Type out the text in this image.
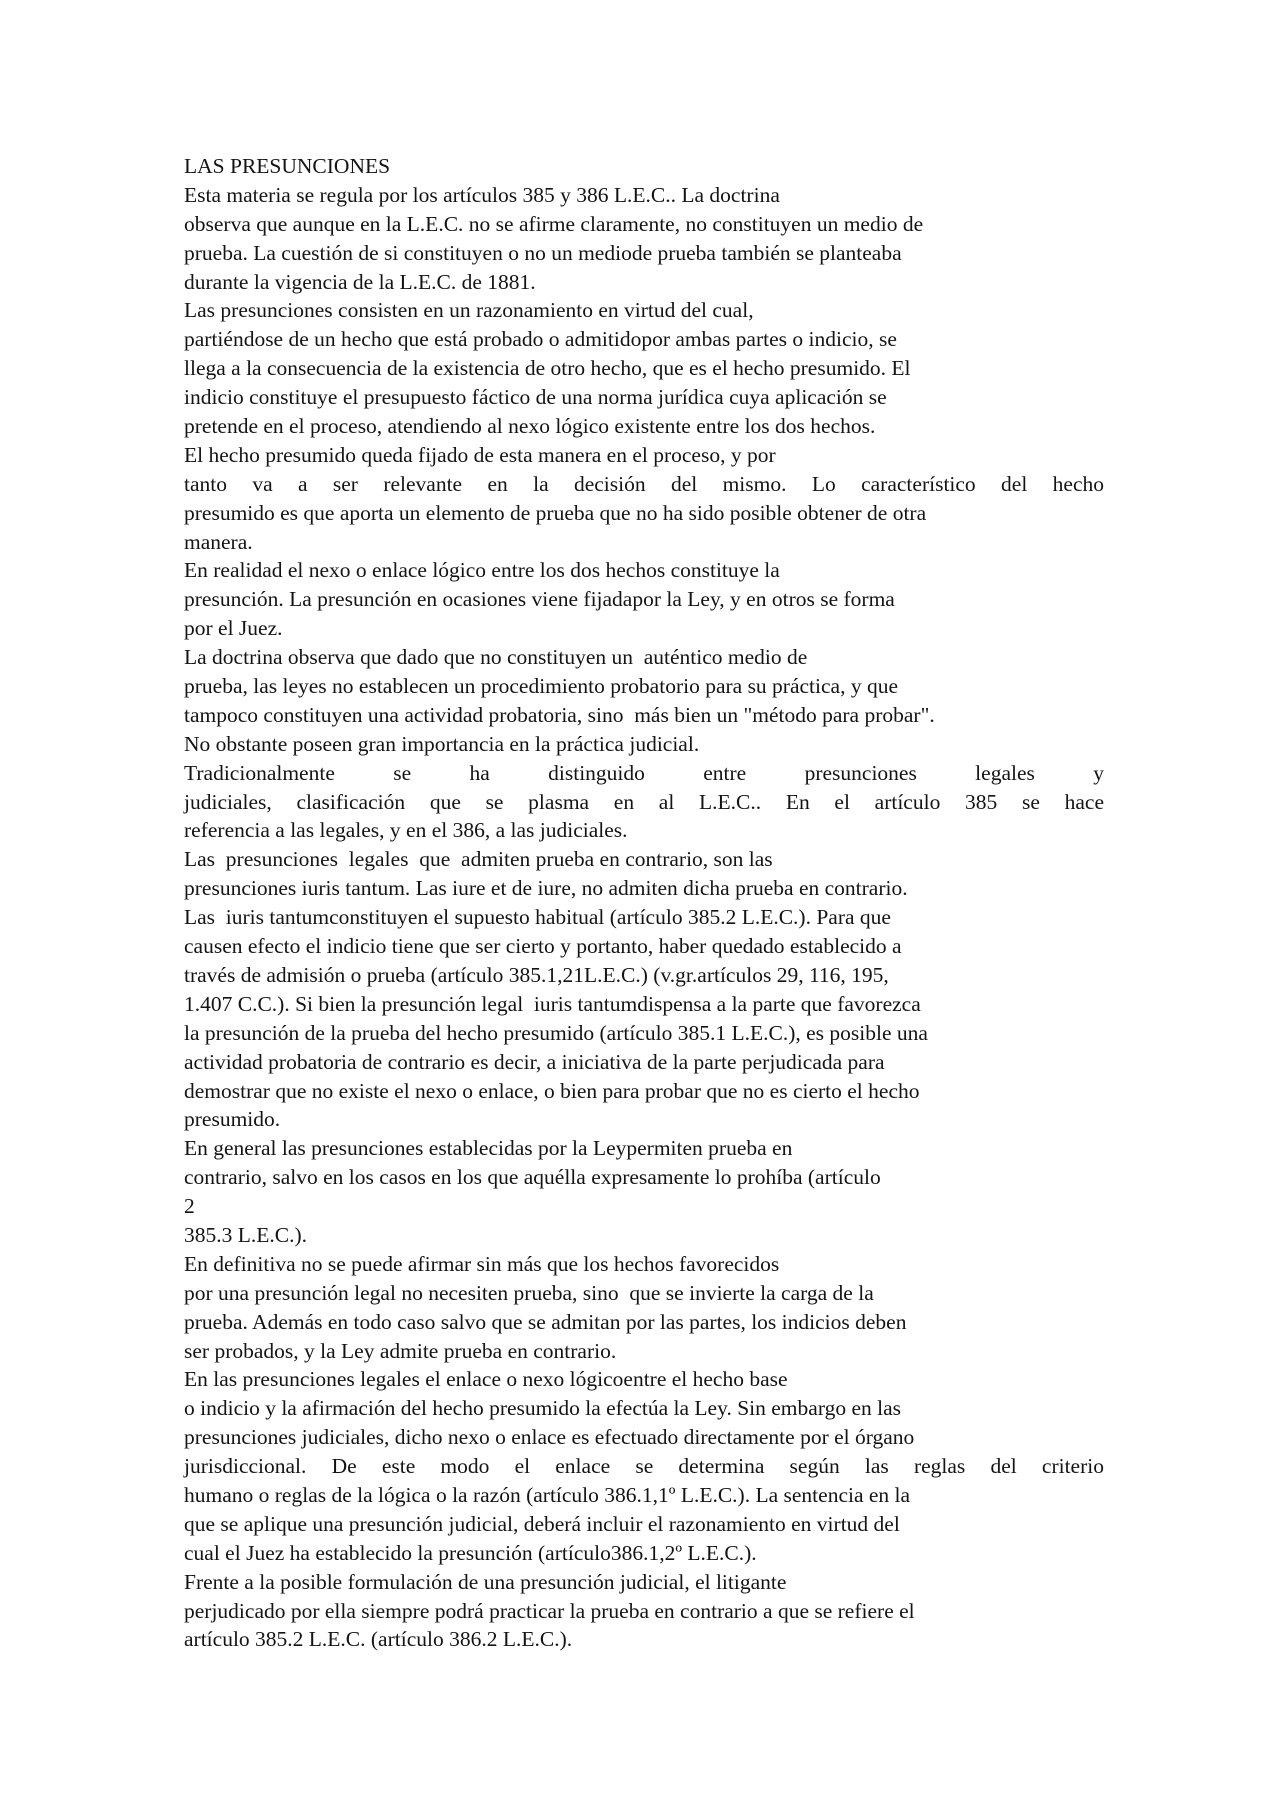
LAS PRESUNCIONES
Esta materia se regula por los artículos 385 y 386 L.E.C.. La doctrina
observa que aunque en la L.E.C. no se afirme claramente, no constituyen un medio de
prueba. La cuestión de si constituyen o no un mediode prueba también se planteaba
durante la vigencia de la L.E.C. de 1881.
Las presunciones consisten en un razonamiento en virtud del cual,
partiéndose de un hecho que está probado o admitidopor ambas partes o indicio, se
llega a la consecuencia de la existencia de otro hecho, que es el hecho presumido. El
indicio constituye el presupuesto fáctico de una norma jurídica cuya aplicación se
pretende en el proceso, atendiendo al nexo lógico existente entre los dos hechos.
El hecho presumido queda fijado de esta manera en el proceso, y por
tanto va a ser relevante en la decisión del mismo. Lo característico del hecho
presumido es que aporta un elemento de prueba que no ha sido posible obtener de otra
manera.
En realidad el nexo o enlace lógico entre los dos hechos constituye la
presunción. La presunción en ocasiones viene fijadapor la Ley, y en otros se forma
por el Juez.
La doctrina observa que dado que no constituyen un  auténtico medio de
prueba, las leyes no establecen un procedimiento probatorio para su práctica, y que
tampoco constituyen una actividad probatoria, sino  más bien un "método para probar".
No obstante poseen gran importancia en la práctica judicial.
Tradicionalmente se ha distinguido entre presunciones legales y
judiciales, clasificación que se plasma en al L.E.C.. En el artículo 385 se hace
referencia a las legales, y en el 386, a las judiciales.
Las  presunciones  legales  que  admiten prueba en contrario, son las
presunciones iuris tantum. Las iure et de iure, no admiten dicha prueba en contrario.
Las  iuris tantumconstituyen el supuesto habitual (artículo 385.2 L.E.C.). Para que
causen efecto el indicio tiene que ser cierto y portanto, haber quedado establecido a
través de admisión o prueba (artículo 385.1,21L.E.C.) (v.gr.artículos 29, 116, 195,
1.407 C.C.). Si bien la presunción legal  iuris tantumdispensa a la parte que favorezca
la presunción de la prueba del hecho presumido (artículo 385.1 L.E.C.), es posible una
actividad probatoria de contrario es decir, a iniciativa de la parte perjudicada para
demostrar que no existe el nexo o enlace, o bien para probar que no es cierto el hecho
presumido.
En general las presunciones establecidas por la Leypermiten prueba en
contrario, salvo en los casos en los que aquélla expresamente lo prohíba (artículo
2
385.3 L.E.C.).
En definitiva no se puede afirmar sin más que los hechos favorecidos
por una presunción legal no necesiten prueba, sino  que se invierte la carga de la
prueba. Además en todo caso salvo que se admitan por las partes, los indicios deben
ser probados, y la Ley admite prueba en contrario.
En las presunciones legales el enlace o nexo lógicoentre el hecho base
o indicio y la afirmación del hecho presumido la efectúa la Ley. Sin embargo en las
presunciones judiciales, dicho nexo o enlace es efectuado directamente por el órgano
jurisdiccional. De este modo el enlace se determina según las reglas del criterio
humano o reglas de la lógica o la razón (artículo 386.1,1º L.E.C.). La sentencia en la
que se aplique una presunción judicial, deberá incluir el razonamiento en virtud del
cual el Juez ha establecido la presunción (artículo386.1,2º L.E.C.).
Frente a la posible formulación de una presunción judicial, el litigante
perjudicado por ella siempre podrá practicar la prueba en contrario a que se refiere el
artículo 385.2 L.E.C. (artículo 386.2 L.E.C.).
